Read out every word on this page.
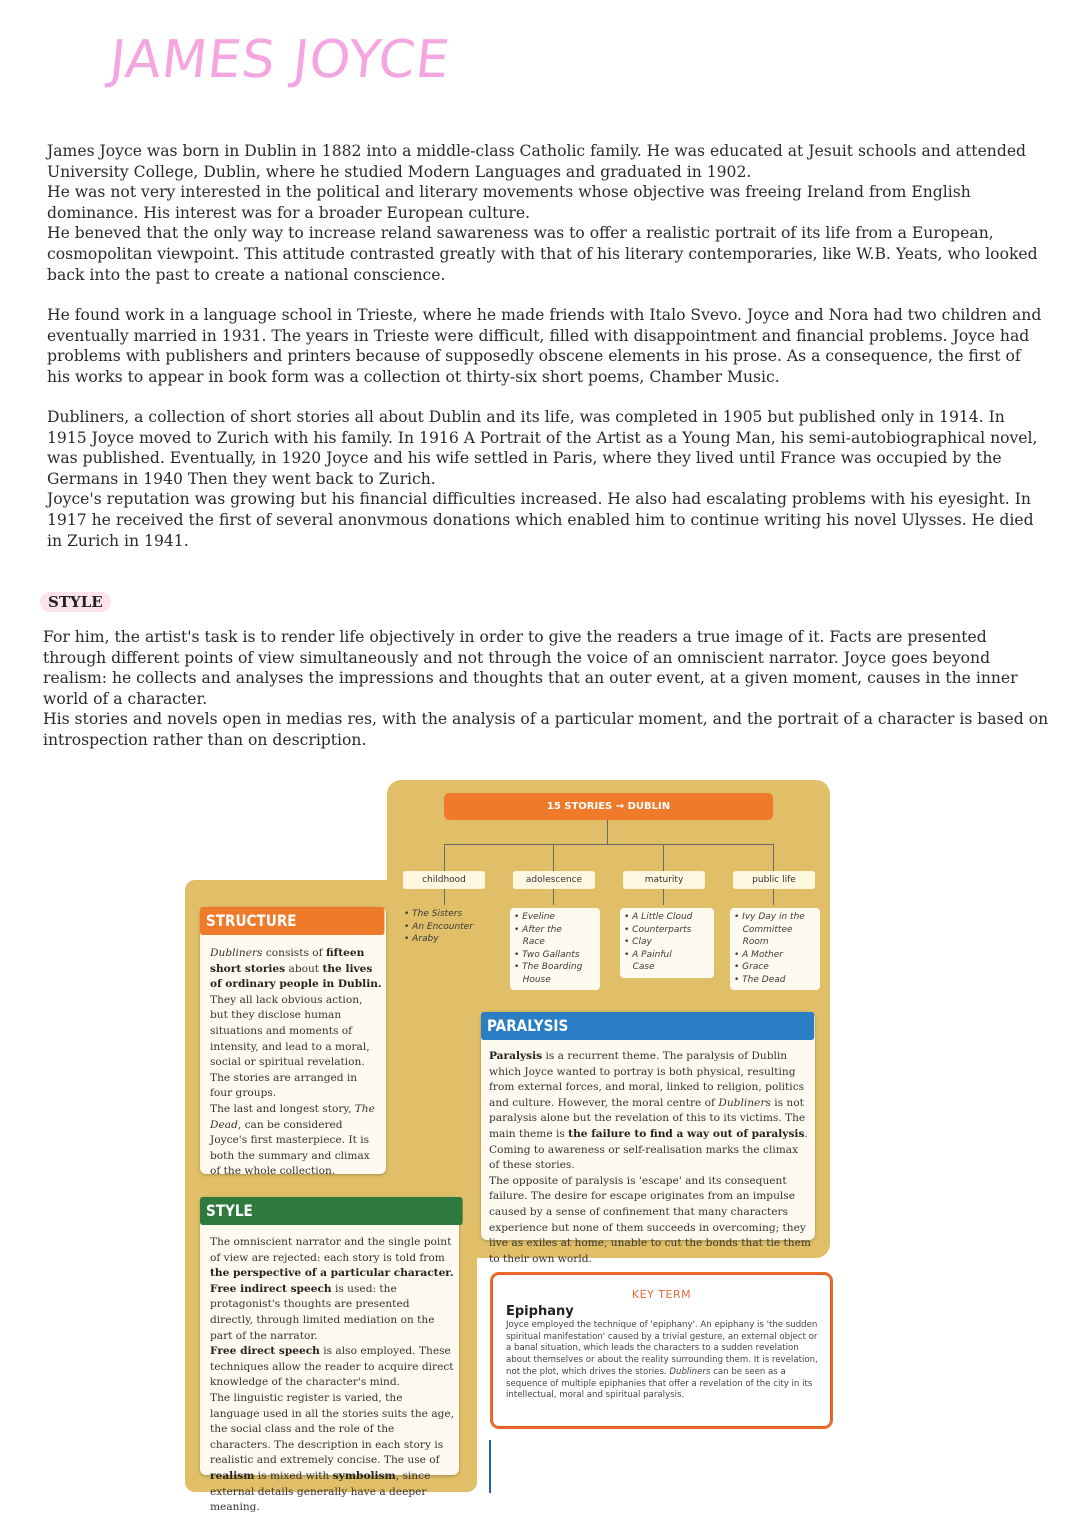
JAMES JOYCE

James Joyce was born in Dublin in 1882 into a middle-class Catholic family. He was educated at Jesuit schools and attended University College, Dublin, where he studied Modern Languages and graduated in 1902.
He was not very interested in the political and literary movements whose objective was freeing Ireland from English dominance. His interest was for a broader European culture.
He beneved that the only way to increase reland sawareness was to offer a realistic portrait of its life from a European, cosmopolitan viewpoint. This attitude contrasted greatly with that of his literary contemporaries, like W.B. Yeats, who looked back into the past to create a national conscience.

He found work in a language school in Trieste, where he made friends with Italo Svevo. Joyce and Nora had two children and eventually married in 1931. The years in Trieste were difficult, filled with disappointment and financial problems. Joyce had problems with publishers and printers because of supposedly obscene elements in his prose. As a consequence, the first of his works to appear in book form was a collection ot thirty-six short poems, Chamber Music.

Dubliners, a collection of short stories all about Dublin and its life, was completed in 1905 but published only in 1914. In 1915 Joyce moved to Zurich with his family. In 1916 A Portrait of the Artist as a Young Man, his semi-autobiographical novel, was published. Eventually, in 1920 Joyce and his wife settled in Paris, where they lived until France was occupied by the Germans in 1940 Then they went back to Zurich.
Joyce's reputation was growing but his financial difficulties increased. He also had escalating problems with his eyesight. In 1917 he received the first of several anonvmous donations which enabled him to continue writing his novel Ulysses. He died in Zurich in 1941.

STYLE

For him, the artist's task is to render life objectively in order to give the readers a true image of it. Facts are presented through different points of view simultaneously and not through the voice of an omniscient narrator. Joyce goes beyond realism: he collects and analyses the impressions and thoughts that an outer event, at a given moment, causes in the inner world of a character.
His stories and novels open in medias res, with the analysis of a particular moment, and the portrait of a character is based on introspection rather than on description.

15 STORIES → DUBLIN
childhood	adolescence	maturity	public life
• The Sisters
• An Encounter
• Araby
• Eveline
• After the
Race
• Two Gallants
• The Boarding
House
• A Little Cloud
• Counterparts
• Clay
• A Painful
Case
• Ivy Day in the
Committee
Room
• A Mother
• Grace
• The Dead
STRUCTURE
Dubliners consists of fifteen short stories about the lives of ordinary people in Dublin. They all lack obvious action, but they disclose human situations and moments of intensity, and lead to a moral, social or spiritual revelation. The stories are arranged in four groups.
The last and longest story, The Dead, can be considered Joyce's first masterpiece. It is both the summary and climax of the whole collection.
STYLE
The omniscient narrator and the single point of view are rejected: each story is told from the perspective of a particular character.
Free indirect speech is used: the protagonist's thoughts are presented directly, through limited mediation on the part of the narrator.
Free direct speech is also employed. These techniques allow the reader to acquire direct knowledge of the character's mind.
The linguistic register is varied, the language used in all the stories suits the age, the social class and the role of the characters. The description in each story is realistic and extremely concise. The use of realism is mixed with symbolism, since external details generally have a deeper meaning.
PARALYSIS
Paralysis is a recurrent theme. The paralysis of Dublin which Joyce wanted to portray is both physical, resulting from external forces, and moral, linked to religion, politics and culture. However, the moral centre of Dubliners is not paralysis alone but the revelation of this to its victims. The main theme is the failure to find a way out of paralysis. Coming to awareness or self-realisation marks the climax of these stories.
The opposite of paralysis is 'escape' and its consequent failure. The desire for escape originates from an impulse caused by a sense of confinement that many characters experience but none of them succeeds in overcoming; they live as exiles at home, unable to cut the bonds that tie them to their own world.
KEY TERM
Epiphany
Joyce employed the technique of 'epiphany'. An epiphany is 'the sudden spiritual manifestation' caused by a trivial gesture, an external object or a banal situation, which leads the characters to a sudden revelation about themselves or about the reality surrounding them. It is revelation, not the plot, which drives the stories. Dubliners can be seen as a sequence of multiple epiphanies that offer a revelation of the city in its intellectual, moral and spiritual paralysis.
